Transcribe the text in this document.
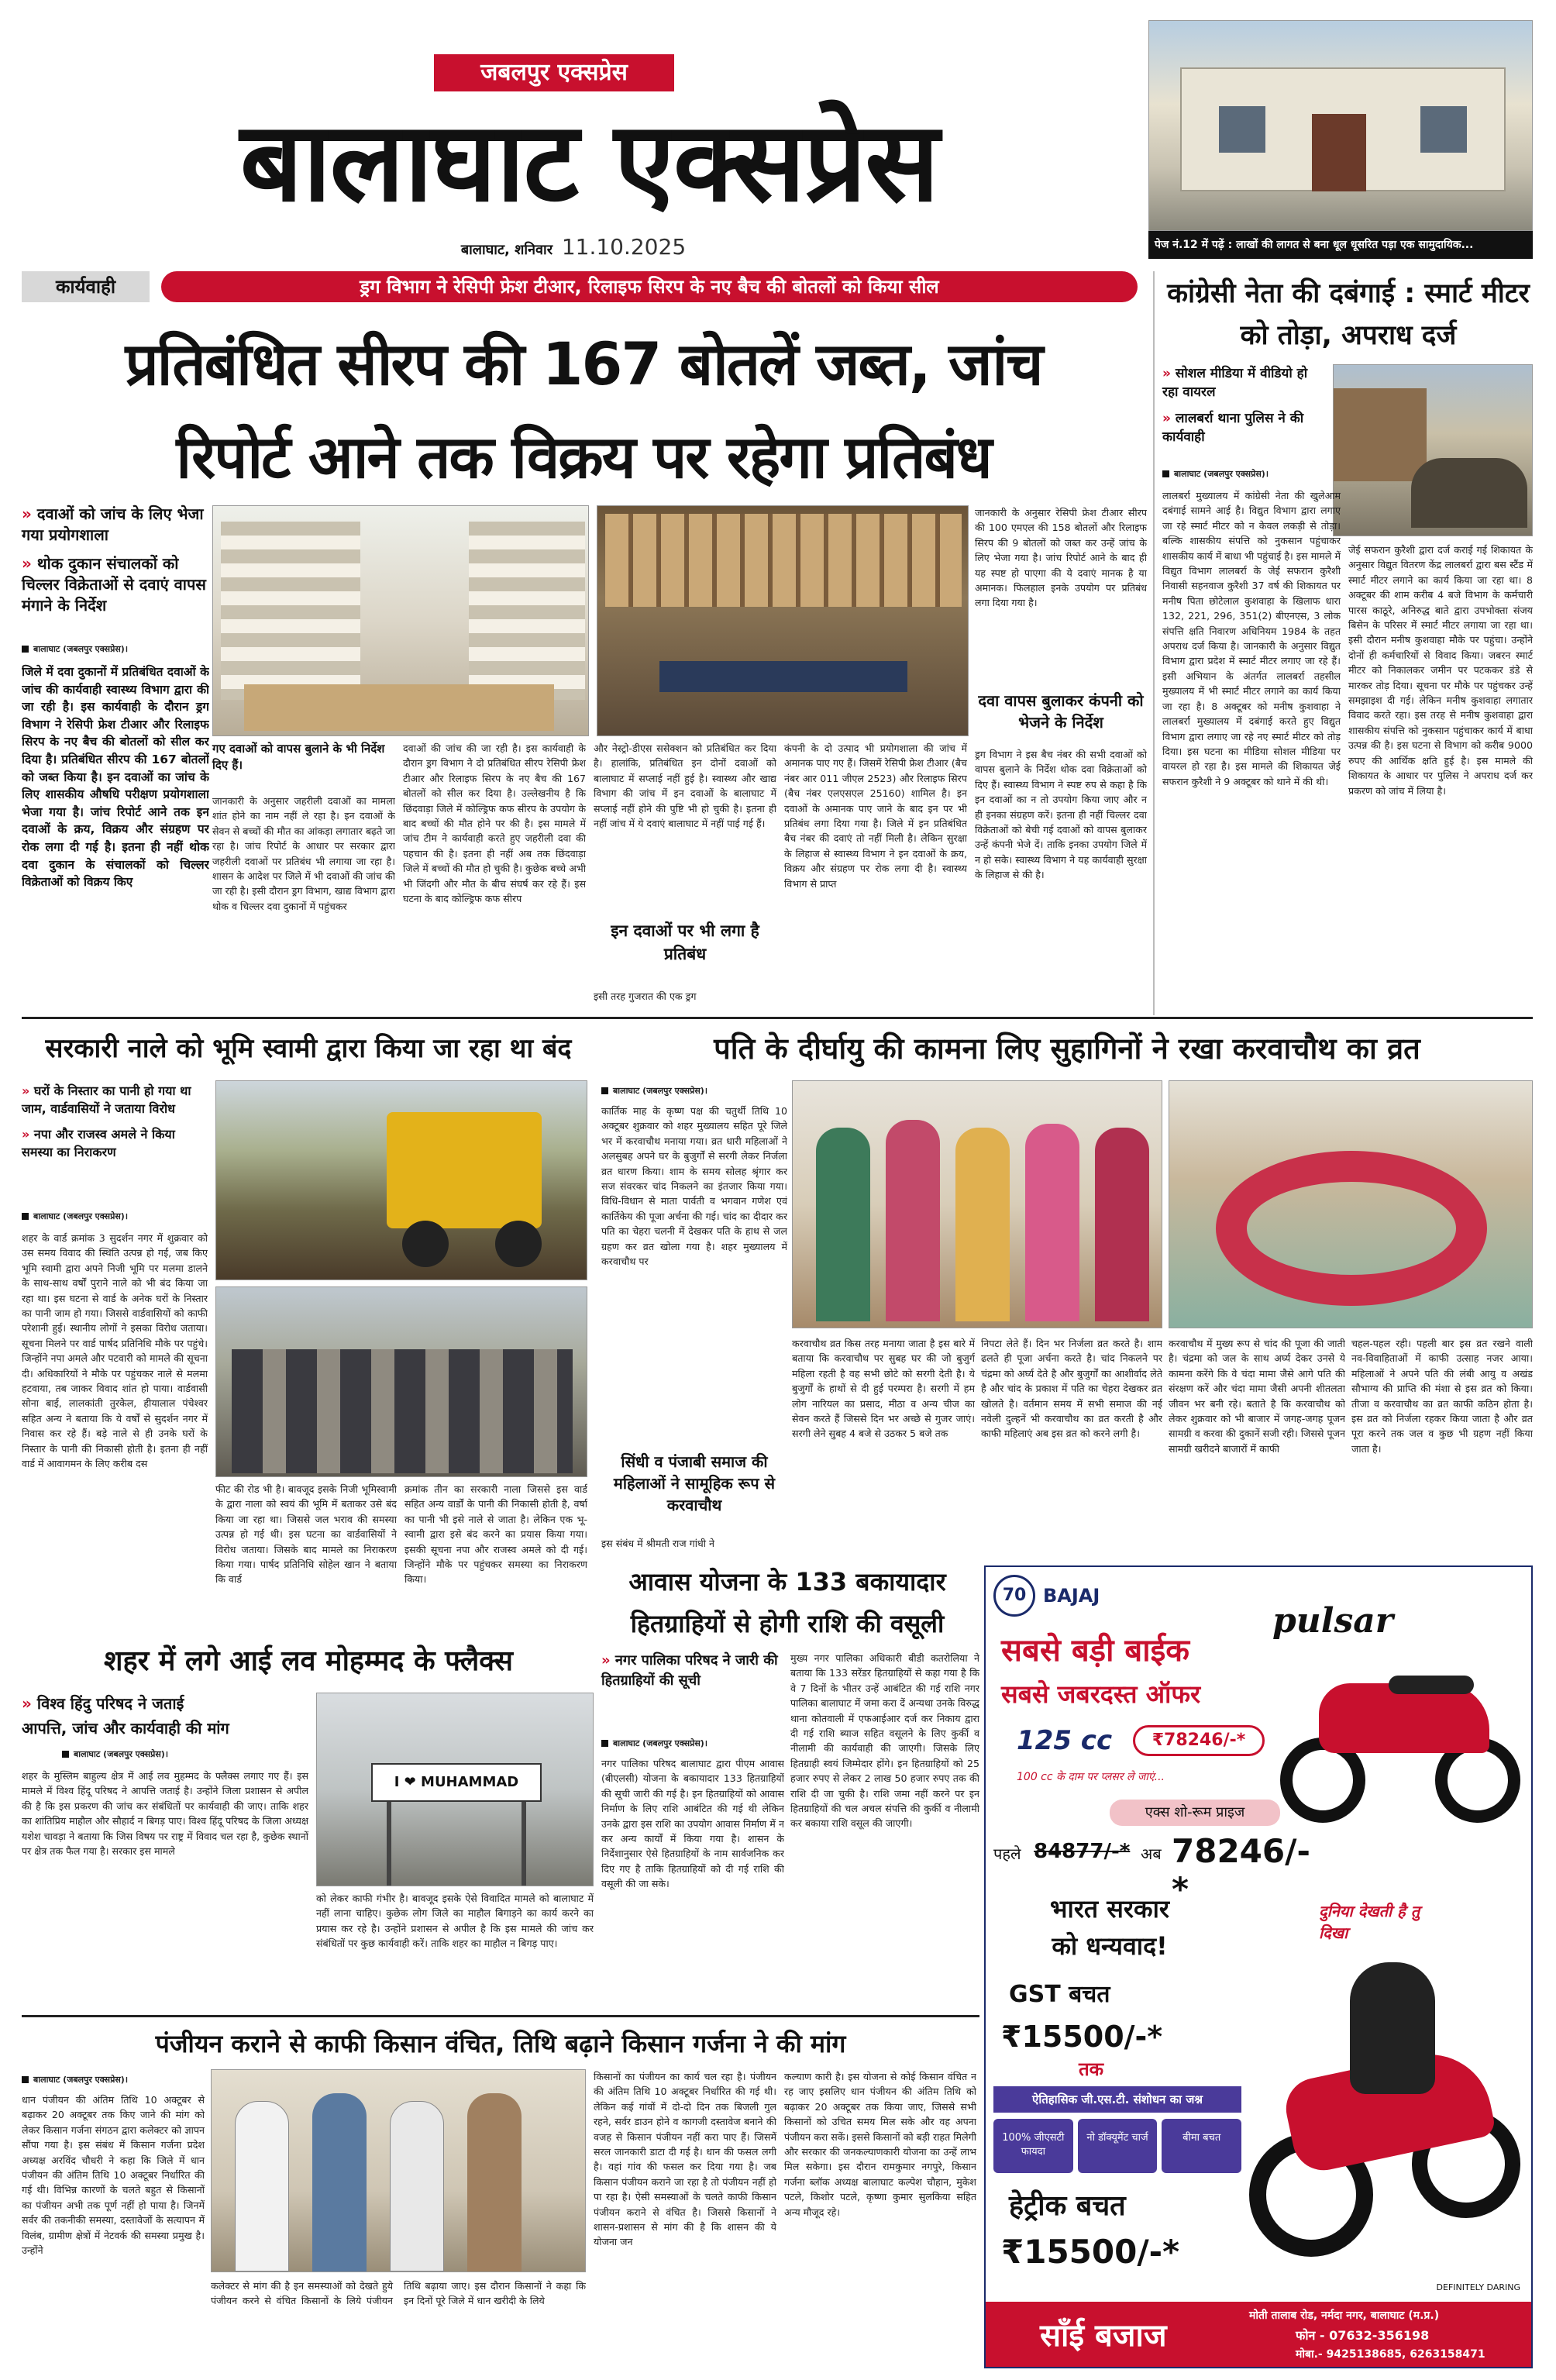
जबलपुर एक्सप्रेस
बालाघाट एक्सप्रेस
बालाघाट, शनिवार 11.10.2025	पेज नं.12 में पढ़ें : लाखों की लागत से बना धूल धूसरित पड़ा एक सामुदायिक...
कार्यवाही	ड्रग विभाग ने रेसिपी फ्रेश टीआर, रिलाइफ सिरप के नए बैच की बोतलों को किया सील
प्रतिबंधित सीरप की 167 बोतलें जब्त, जांच
रिपोर्ट आने तक विक्रय पर रहेगा प्रतिबंध
» दवाओं को जांच के लिए भेजा गया प्रयोगशाला
» थोक दुकान संचालकों को चिल्लर विक्रेताओं से दवाएं वापस मंगाने के निर्देश
बालाघाट (जबलपुर एक्सप्रेस)।
जिले में दवा दुकानों में प्रतिबंधित दवाओं के जांच की कार्यवाही स्वास्थ्य विभाग द्वारा की जा रही है। इस कार्यवाही के दौरान ड्रग विभाग ने रेसिपी फ्रेश टीआर और रिलाइफ सिरप के नए बैच की बोतलों को सील कर दिया है। प्रतिबंधित सीरप की 167 बोतलों को जब्त किया है। इन दवाओं का जांच के लिए शासकीय औषधि परीक्षण प्रयोगशाला भेजा गया है। जांच रिपोर्ट आने तक इन दवाओं के क्रय, विक्रय और संग्रहण पर रोक लगा दी गई है। इतना ही नहीं थोक दवा दुकान के संचालकों को चिल्लर विक्रेताओं को विक्रय किए
गए दवाओं को वापस बुलाने के भी निर्देश दिए हैं।
जानकारी के अनुसार जहरीली दवाओं का मामला शांत होने का नाम नहीं ले रहा है। इन दवाओं के सेवन से बच्चों की मौत का आंकड़ा लगातार बढ़ते जा रहा है। जांच रिपोर्ट के आधार पर सरकार द्वारा जहरीली दवाओं पर प्रतिबंध भी लगाया जा रहा है। शासन के आदेश पर जिले में भी दवाओं की जांच की जा रही है। इसी दौरान ड्रग विभाग, खाद्य विभाग द्वारा थोक व चिल्लर दवा दुकानों में पहुंचकर
दवाओं की जांच की जा रही है। इस कार्यवाही के दौरान ड्रग विभाग ने दो प्रतिबंधित सीरप रेसिपी फ्रेश टीआर और रिलाइफ सिरप के नए बैच की 167 बोतलों को सील कर दिया है। उल्लेखनीय है कि छिंदवाड़ा जिले में कोल्ड्रिफ कफ सीरप के उपयोग के बाद बच्चों की मौत होने पर की है। इस मामले में जांच टीम ने कार्यवाही करते हुए जहरीली दवा की पहचान की है। इतना ही नहीं अब तक छिंदवाड़ा जिले में बच्चों की मौत हो चुकी है। कुछेक बच्चे अभी भी जिंदगी और मौत के बीच संघर्ष कर रहे हैं। इस घटना के बाद कोल्ड्रिफ कफ सीरप
और नेस्ट्रो-डीएस ससेक्शन को प्रतिबंधित कर दिया है। हालांकि, प्रतिबंधित इन दोनों दवाओं को बालाघाट में सप्लाई नहीं हुई है। स्वास्थ्य और खाद्य विभाग की जांच में इन दवाओं के बालाघाट में सप्लाई नहीं होने की पुष्टि भी हो चुकी है। इतना ही नहीं जांच में ये दवाएं बालाघाट में नहीं पाई गई हैं।
इन दवाओं पर भी लगा है प्रतिबंध
इसी तरह गुजरात की एक ड्रग
कंपनी के दो उत्पाद भी प्रयोगशाला की जांच में अमानक पाए गए हैं। जिसमें रेसिपी फ्रेश टीआर (बैच नंबर आर 011 जीएल 2523) और रिलाइफ सिरप (बैच नंबर एलएसएल 25160) शामिल है। इन दवाओं के अमानक पाए जाने के बाद इन पर भी प्रतिबंध लगा दिया गया है। जिले में इन प्रतिबंधित बैच नंबर की दवाएं तो नहीं मिली है। लेकिन सुरक्षा के लिहाज से स्वास्थ्य विभाग ने इन दवाओं के क्रय, विक्रय और संग्रहण पर रोक लगा दी है। स्वास्थ्य विभाग से प्राप्त
जानकारी के अनुसार रेसिपी फ्रेश टीआर सीरप की 100 एमएल की 158 बोतलों और रिलाइफ सिरप की 9 बोतलों को जब्त कर उन्हें जांच के लिए भेजा गया है। जांच रिपोर्ट आने के बाद ही यह स्पष्ट हो पाएगा की ये दवाएं मानक है या अमानक। फिलहाल इनके उपयोग पर प्रतिबंध लगा दिया गया है।
दवा वापस बुलाकर कंपनी को भेजने के निर्देश
ड्रग विभाग ने इस बैच नंबर की सभी दवाओं को वापस बुलाने के निर्देश थोक दवा विक्रेताओं को दिए हैं। स्वास्थ्य विभाग ने स्पष्ट रुप से कहा है कि इन दवाओं का न तो उपयोग किया जाए और न ही इनका संग्रहण करें। इतना ही नहीं चिल्लर दवा विक्रेताओं को बेची गई दवाओं को वापस बुलाकर उन्हें कंपनी भेजे दें। ताकि इनका उपयोग जिले में न हो सके। स्वास्थ्य विभाग ने यह कार्यवाही सुरक्षा के लिहाज से की है।
कांग्रेसी नेता की दबंगाई : स्मार्ट मीटर को तोड़ा, अपराध दर्ज
» सोशल मीडिया में वीडियो हो रहा वायरल
» लालबर्रा थाना पुलिस ने की कार्यवाही
बालाघाट (जबलपुर एक्सप्रेस)।
लालबर्रा मुख्यालय में कांग्रेसी नेता की खुलेआम दबंगाई सामने आई है। विद्युत विभाग द्वारा लगाए जा रहे स्मार्ट मीटर को न केवल लकड़ी से तोड़ा। बल्कि शासकीय संपत्ति को नुकसान पहुंचाकर शासकीय कार्य में बाधा भी पहुंचाई है। इस मामले में विद्युत विभाग लालबर्रा के जेई सफरान कुरैशी निवासी सहनवाज कुरैशी 37 वर्ष की शिकायत पर मनीष पिता छोटेलाल कुशवाहा के खिलाफ धारा 132, 221, 296, 351(2) बीएनएस, 3 लोक संपत्ति क्षति निवारण अधिनियम 1984 के तहत अपराध दर्ज किया है। जानकारी के अनुसार विद्युत विभाग द्वारा प्रदेश में स्मार्ट मीटर लगाए जा रहे हैं। इसी अभियान के अंतर्गत लालबर्रा तहसील मुख्यालय में भी स्मार्ट मीटर लगाने का कार्य किया जा रहा है। 8 अक्टूबर को मनीष कुशवाहा ने लालबर्रा मुख्यालय में दबंगाई करते हुए विद्युत विभाग द्वारा लगाए जा रहे नए स्मार्ट मीटर को तोड़ दिया। इस घटना का मीडिया सोशल मीडिया पर वायरल हो रहा है। इस मामले की शिकायत जेई सफरान कुरैशी ने 9 अक्टूबर को थाने में की थी।
जेई सफरान कुरैशी द्वारा दर्ज कराई गई शिकायत के अनुसार विद्युत वितरण केंद्र लालबर्रा द्वारा बस स्टैंड में स्मार्ट मीटर लगाने का कार्य किया जा रहा था। 8 अक्टूबर की शाम करीब 4 बजे विभाग के कर्मचारी पारस काठूरे, अनिरुद्ध बाते द्वारा उपभोक्ता संजय बिसेन के परिसर में स्मार्ट मीटर लगाया जा रहा था। इसी दौरान मनीष कुशवाहा मौके पर पहुंचा। उन्होंने दोनों ही कर्मचारियों से विवाद किया। जबरन स्मार्ट मीटर को निकालकर जमीन पर पटककर डंडे से मारकर तोड़ दिया। सूचना पर मौके पर पहुंचकर उन्हें समझाइश दी गई। लेकिन मनीष कुशवाहा लगातार विवाद करते रहा। इस तरह से मनीष कुशवाहा द्वारा शासकीय संपत्ति को नुकसान पहुंचाकर कार्य में बाधा उत्पन्न की है। इस घटना से विभाग को करीब 9000 रुपए की आर्थिक क्षति हुई है। इस मामले की शिकायत के आधार पर पुलिस ने अपराध दर्ज कर प्रकरण को जांच में लिया है।
सरकारी नाले को भूमि स्वामी द्वारा किया जा रहा था बंद
» घरों के निस्तार का पानी हो गया था जाम, वार्डवासियों ने जताया विरोध
» नपा और राजस्व अमले ने किया समस्या का निराकरण
बालाघाट (जबलपुर एक्सप्रेस)।
शहर के वार्ड क्रमांक 3 सुदर्शन नगर में शुक्रवार को उस समय विवाद की स्थिति उत्पन्न हो गई, जब किए भूमि स्वामी द्वारा अपने निजी भूमि पर मलमा डालने के साथ-साथ वर्षों पुराने नाले को भी बंद किया जा रहा था। इस घटना से वार्ड के अनेक घरों के निस्तार का पानी जाम हो गया। जिससे वार्डवासियों को काफी परेशानी हुई। स्थानीय लोगों ने इसका विरोध जताया। सूचना मिलने पर वार्ड पार्षद प्रतिनिधि मौके पर पहुंचे। जिन्होंने नपा अमले और पटवारी को मामले की सूचना दी। अधिकारियों ने मौके पर पहुंचकर नाले से मलमा हटवाया, तब जाकर विवाद शांत हो पाया। वार्डवासी सोना बाई, लालकांती तुरकेल, हीयालाल पंचेश्वर सहित अन्य ने बताया कि ये वर्षों से सुदर्शन नगर में निवास कर रहे हैं। बड़े नाले से ही उनके घरों के निस्तार के पानी की निकासी होती है। इतना ही नहीं वार्ड में आवागमन के लिए करीब दस
फीट की रोड भी है। बावजूद इसके निजी भूमिस्वामी के द्वारा नाला को स्वयं की भूमि में बताकर उसे बंद किया जा रहा था। जिससे जल भराव की समस्या उत्पन्न हो गई थी। इस घटना का वार्डवासियों ने विरोध जताया। जिसके बाद मामले का निराकरण किया गया। पार्षद प्रतिनिधि सोहेल खान ने बताया कि वार्ड
क्रमांक तीन का सरकारी नाला जिससे इस वार्ड सहित अन्य वार्डों के पानी की निकासी होती है, वर्षा का पानी भी इसे नाले से जाता है। लेकिन एक भू-स्वामी द्वारा इसे बंद करने का प्रयास किया गया। इसकी सूचना नपा और राजस्व अमले को दी गई। जिन्होंने मौके पर पहुंचकर समस्या का निराकरण किया।
पति के दीर्घायु की कामना लिए सुहागिनों ने रखा करवाचौथ का व्रत
बालाघाट (जबलपुर एक्सप्रेस)।
कार्तिक माह के कृष्ण पक्ष की चतुर्थी तिथि 10 अक्टूबर शुक्रवार को शहर मुख्यालय सहित पूरे जिले भर में करवाचौथ मनाया गया। व्रत धारी महिलाओं ने अलसुबह अपने घर के बुजुर्गों से सरगी लेकर निर्जला व्रत धारण किया। शाम के समय सोलह श्रृंगार कर सज संवरकर चांद निकलने का इंतजार किया गया। विधि-विधान से माता पार्वती व भगवान गणेश एवं कार्तिकेय की पूजा अर्चना की गई। चांद का दीदार कर पति का चेहरा चलनी में देखकर पति के हाथ से जल ग्रहण कर व्रत खोला गया है। शहर मुख्यालय में करवाचौथ पर
सिंधी व पंजाबी समाज की महिलाओं ने सामूहिक रूप से करवाचौथ
इस संबंध में श्रीमती राज गांधी ने
करवाचौथ व्रत किस तरह मनाया जाता है इस बारे में बताया कि करवाचौथ पर सुबह घर की जो बुजुर्ग महिला रहती है वह सभी छोटे को सरगी देती है। ये बुजुर्गों के हाथों से दी हुई परम्परा है। सरगी में हम लोग नारियल का प्रसाद, मीठा व अन्य चीज का सेवन करते हैं जिससे दिन भर अच्छे से गुजर जाएं। सरगी लेने सुबह 4 बजे से उठकर 5 बजे तक
निपटा लेते हैं। दिन भर निर्जला व्रत करते है। शाम ढलते ही पूजा अर्चना करते है। चांद निकलने पर चंद्रमा को अर्घ्य देते है और बुजुर्गों का आशीर्वाद लेते है और चांद के प्रकाश में पति का चेहरा देखकर व्रत खोलते है। वर्तमान समय में सभी समाज की नई नवेली दुल्हनें भी करवाचौथ का व्रत करती है और काफी महिलाएं अब इस व्रत को करने लगी है।
करवाचौथ में मुख्य रूप से चांद की पूजा की जाती है। चंद्रमा को जल के साथ अर्घ्य देकर उनसे ये कामना करेंगे कि वे चंदा मामा जैसे आगे पति की संरक्षण करें और चंदा मामा जैसी अपनी शीतलता जीवन भर बनी रहे। बताते है कि करवाचौथ को लेकर शुक्रवार को भी बाजार में जगह-जगह पूजन सामग्री व करवा की दुकानें सजी रही। जिससे पूजन सामग्री खरीदने बाजारों में काफी
चहल-पहल रही। पहली बार इस व्रत रखने वाली नव-विवाहिताओं में काफी उत्साह नजर आया। महिलाओं ने अपने पति की लंबी आयु व अखंड सौभाग्य की प्राप्ति की मंशा से इस व्रत को किया। तीजा व करवाचौथ का व्रत काफी कठिन होता है। इस व्रत को निर्जला रहकर किया जाता है और व्रत पूरा करने तक जल व कुछ भी ग्रहण नहीं किया जाता है।
आवास योजना के 133 बकायादार
हितग्राहियों से होगी राशि की वसूली
» नगर पालिका परिषद ने जारी की हितग्राहियों की सूची
बालाघाट (जबलपुर एक्सप्रेस)।
नगर पालिका परिषद बालाघाट द्वारा पीएम आवास (बीएलसी) योजना के बकायादार 133 हितग्राहियों की सूची जारी की गई है। इन हितग्राहियों को आवास निर्माण के लिए राशि आबंटित की गई थी लेकिन उनके द्वारा इस राशि का उपयोग आवास निर्माण में न कर अन्य कार्यों में किया गया है। शासन के निर्देशानुसार ऐसे हितग्राहियों के नाम सार्वजनिक कर दिए गए है ताकि हितग्राहियों को दी गई राशि की वसूली की जा सके।
मुख्य नगर पालिका अधिकारी बीडी कतरोलिया ने बताया कि 133 सरेंडर हितग्राहियों से कहा गया है कि वे 7 दिनों के भीतर उन्हें आबंटित की गई राशि नगर पालिका बालाघाट में जमा करा दें अन्यथा उनके विरुद्ध थाना कोतवाली में एफआईआर दर्ज कर निकाय द्वारा दी गई राशि ब्याज सहित वसूलने के लिए कुर्की व नीलामी की कार्यवाही की जाएगी। जिसके लिए हितग्राही स्वयं जिम्मेदार होंगे। इन हितग्राहियों को 25 हजार रुपए से लेकर 2 लाख 50 हजार रुपए तक की राशि दी जा चुकी है। राशि जमा नहीं करने पर इन हितग्राहियों की चल अचल संपत्ति की कुर्की व नीलामी कर बकाया राशि वसूल की जाएगी।
शहर में लगे आई लव मोहम्मद के फ्लैक्स
» विश्व हिंदु परिषद ने जताई
आपत्ति, जांच और कार्यवाही की मांग
बालाघाट (जबलपुर एक्सप्रेस)।
शहर के मुस्लिम बाहुल्य क्षेत्र में आई लव मुहम्मद के फ्लैक्स लगाए गए हैं। इस मामले में विश्व हिंदू परिषद ने आपत्ति जताई है। उन्होंने जिला प्रशासन से अपील की है कि इस प्रकरण की जांच कर संबंधितों पर कार्यवाही की जाए। ताकि शहर का शांतिप्रिय माहौल और सौहार्द न बिगड़ पाए। विश्व हिंदू परिषद के जिला अध्यक्ष यशेश चावड़ा ने बताया कि जिस विषय पर राष्ट्र में विवाद चल रहा है, कुछेक स्थानों पर क्षेत्र तक फैल गया है। सरकार इस मामले
I ❤ MUHAMMAD
को लेकर काफी गंभीर है। बावजूद इसके ऐसे विवादित मामले को बालाघाट में नहीं लाना चाहिए। कुछेक लोग जिले का माहौल बिगाड़ने का कार्य करने का प्रयास कर रहे है। उन्होंने प्रशासन से अपील है कि इस मामले की जांच कर संबंधितों पर कुछ कार्यवाही करें। ताकि शहर का माहौल न बिगड़ पाए।
पंजीयन कराने से काफी किसान वंचित, तिथि बढ़ाने किसान गर्जना ने की मांग
बालाघाट (जबलपुर एक्सप्रेस)।
धान पंजीयन की अंतिम तिथि 10 अक्टूबर से बढ़ाकर 20 अक्टूबर तक किए जाने की मांग को लेकर किसान गर्जना संगठन द्वारा कलेक्टर को ज्ञापन सौंपा गया है। इस संबंध में किसान गर्जना प्रदेश अध्यक्ष अरविंद चौधरी ने कहा कि जिले में धान पंजीयन की अंतिम तिथि 10 अक्टूबर निर्धारित की गई थी। विभिन्न कारणों के चलते बहुत से किसानों का पंजीयन अभी तक पूर्ण नहीं हो पाया है। जिनमें सर्वर की तकनीकी समस्या, दस्तावेजों के सत्यापन में विलंब, ग्रामीण क्षेत्रों में नेटवर्क की समस्या प्रमुख है। उन्होंने
कलेक्टर से मांग की है इन समस्याओं को देखते हुये पंजीयन करने से वंचित किसानों के लिये पंजीयन तिथि बढ़ाया जाए। इस दौरान किसानों ने कहा कि इन दिनों पूरे जिले में धान खरीदी के लिये
किसानों का पंजीयन का कार्य चल रहा है। पंजीयन की अंतिम तिथि 10 अक्टूबर निर्धारित की गई थी। लेकिन कई गांवों में दो-दो दिन तक बिजली गुल रहने, सर्वर डाउन होने व कागजी दस्तावेज बनाने की वजह से किसान पंजीयन नहीं करा पाए हैं। जिसमें सरल जानकारी डाटा दी गई है। धान की फसल लगी है। वहां गांव की फसल कर दिया गया है। जब किसान पंजीयन कराने जा रहा है तो पंजीयन नहीं हो पा रहा है। ऐसी समस्याओं के चलते काफी किसान पंजीयन कराने से वंचित है। जिससे किसानों ने शासन-प्रशासन से मांग की है कि शासन की ये योजना जन
कल्याण कारी है। इस योजना से कोई किसान वंचित न रह जाए इसलिए धान पंजीयन की अंतिम तिथि को बढ़ाकर 20 अक्टूबर तक किया जाए, जिससे सभी किसानों को उचित समय मिल सके और वह अपना पंजीयन करा सकें। इससे किसानों को बड़ी राहत मिलेगी और सरकार की जनकल्याणकारी योजना का उन्हें लाभ मिल सकेगा। इस दौरान रामकुमार नगपुरे, किसान गर्जना ब्लॉक अध्यक्ष बालाघाट कल्पेश चौहान, मुकेश पटले, किशोर पटले, कृष्णा कुमार सुलकिया सहित अन्य मौजूद रहे।
70 BAJAJ
pulsar
सबसे बड़ी बाईक
सबसे जबरदस्त ऑफर
125 cc	₹78246/-*
100 cc के दाम पर प्लसर ले जाएं...
एक्स शो-रूम प्राइज
पहले 84877/-* अब 78246/-*
भारत सरकार
को धन्यवाद!
दुनिया देखती है तु दिखा
GST बचत
₹15500/-*
तक
ऐतिहासिक जी.एस.टी. संशोधन का जश्न
100% जीएसटी फायदा
नो डॉक्यूमेंट चार्ज	बीमा बचत
हेट्रीक बचत
₹15500/-*
DEFINITELY DARING
साँई बजाज
मोती तालाब रोड, नर्मदा नगर, बालाघाट (म.प्र.)
फोन - 07632-356198
मोबा.- 9425138685, 6263158471
